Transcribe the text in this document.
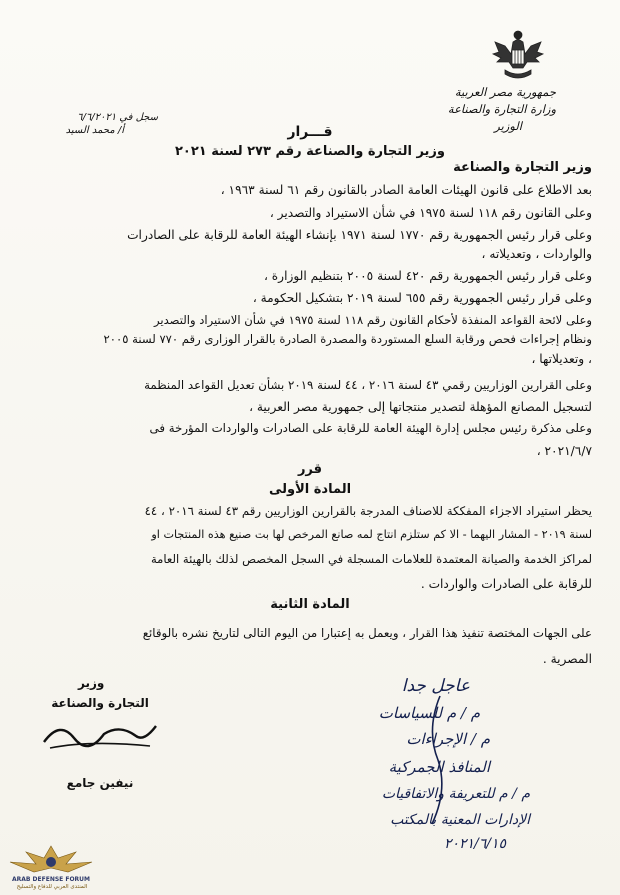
جمهورية مصر العربية
وزارة التجارة والصناعة
الوزير
سجل في ٦/٦/٢٠٢١
أ/ محمد السيد	قـــرار
وزير التجارة والصناعة رقم ٢٧٣ لسنة ٢٠٢١
وزير التجارة والصناعة
بعد الاطلاع على قانون الهيئات العامة الصادر بالقانون رقم ٦١ لسنة ١٩٦٣ ،
وعلى القانون رقم ١١٨ لسنة ١٩٧٥ في شأن الاستيراد والتصدير ،
وعلى قرار رئيس الجمهورية رقم ١٧٧٠ لسنة ١٩٧١ بإنشاء الهيئة العامة للرقابة على الصادرات
والواردات ، وتعديلاته ،
وعلى قرار رئيس الجمهورية رقم ٤٢٠ لسنة ٢٠٠٥ بتنظيم الوزارة ،
وعلى قرار رئيس الجمهورية رقم ٦٥٥ لسنة ٢٠١٩ بتشكيل الحكومة ،
وعلى لائحة القواعد المنفذة لأحكام القانون رقم ١١٨ لسنة ١٩٧٥ في شأن الاستيراد والتصدير
ونظام إجراءات فحص ورقابة السلع المستوردة والمصدرة الصادرة بالقرار الوزارى رقم ٧٧٠ لسنة ٢٠٠٥
، وتعديلاتها ،
وعلى القرارين الوزاريين رقمي ٤٣ لسنة ٢٠١٦ ، ٤٤ لسنة ٢٠١٩ بشأن تعديل القواعد المنظمة
لتسجيل المصانع المؤهلة لتصدير منتجاتها إلى جمهورية مصر العربية ،
وعلى مذكرة رئيس مجلس إدارة الهيئة العامة للرقابة على الصادرات والواردات المؤرخة فى
٢٠٢١/٦/٧ ،
قرر
المادة الأولى
يحظر استيراد الاجزاء المفككة للاصناف المدرجة بالقرارين الوزاريين رقم ٤٣ لسنة ٢٠١٦ ، ٤٤
لسنة ٢٠١٩ - المشار اليهما - الا كم ستلزم انتاج لمه صانع المرخص لها بت صنيع هذه المنتجات او
لمراكز الخدمة والصيانة المعتمدة للعلامات المسجلة في السجل المخصص لذلك بالهيئة العامة
للرقابة على الصادرات والواردات .
المادة الثانية
على الجهات المختصة تنفيذ هذا القرار ، ويعمل به إعتبارا من اليوم التالى لتاريخ نشره بالوقائع
المصرية .
وزير
التجارة والصناعة
نيفين جامع
عاجل جدا
م / م للسياسات
م / الإجراءات
المنافذ الجمركية
م / م للتعريفة والاتفاقيات
الإدارات المعنية بالمكتب
٢٠٢١/٦/١٥
ARAB DEFENSE FORUM
المنتدى العربي للدفاع والتسليح
